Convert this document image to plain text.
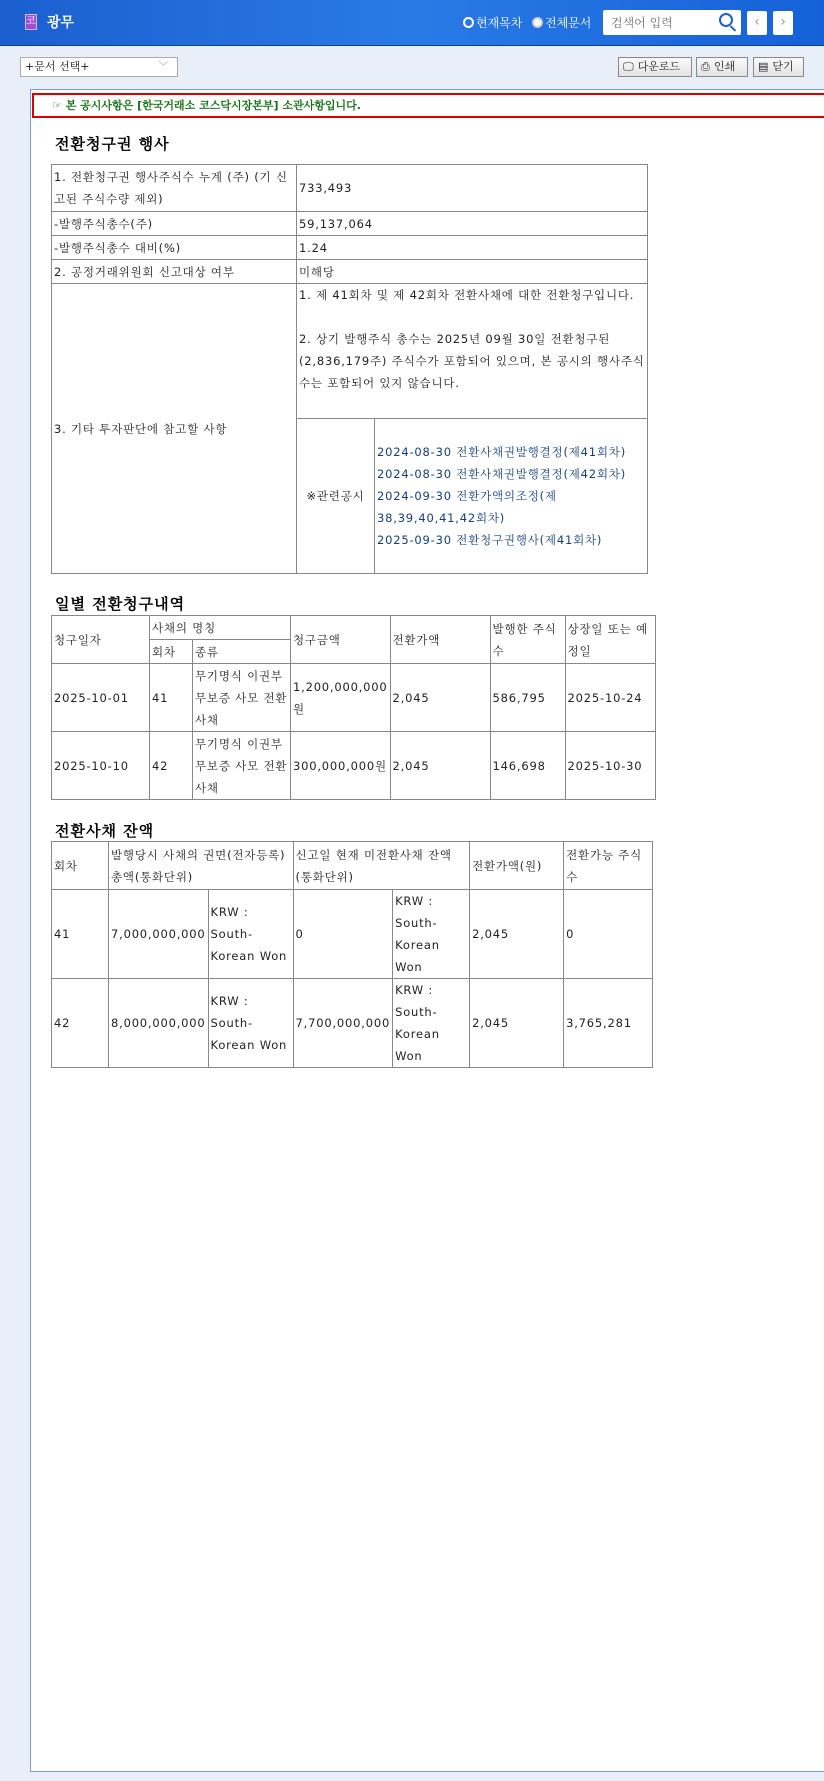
코 광무	현재목차 전체문서
검색어 입력	‹	›
+문서 선택+	﹀	🖵 다운로드 ⎙ 인쇄 ▤ 닫기
☞ 본 공시사항은 [한국거래소 코스닥시장본부] 소관사항입니다.
전환청구권 행사
1. 전환청구권 행사주식수 누계 (주) (기 신고된 주식수량 제외)	733,493	
-발행주식총수(주)	59,137,064	
-발행주식총수 대비(%)	1.24	
2. 공정거래위원회 신고대상 여부	미해당	
3. 기타 투자판단에 참고할 사항	1. 제 41회차 및 제 42회차 전환사채에 대한 전환청구입니다.
2. 상기 발행주식 총수는 2025년 09월 30일 전환청구된(2,836,179주) 주식수가 포함되어 있으며, 본 공시의 행사주식수는 포함되어 있지 않습니다.	

	※관련공시	2024-08-30 전환사채권발행결정(제41회차)
2024-08-30 전환사채권발행결정(제42회차)
2024-09-30 전환가액의조정(제38,39,40,41,42회차)
2025-09-30 전환청구권행사(제41회차)
일별 전환청구내역
청구일자	사채의 명칭		청구금액	전환가액	발행한 주식수	상장일 또는 예정일
	회차	종류				
2025-10-01	41	무기명식 이권부 무보증 사모 전환사채	1,200,000,000원	2,045	586,795	2025-10-24
2025-10-10	42	무기명식 이권부 무보증 사모 전환사채	300,000,000원	2,045	146,698	2025-10-30
전환사채 잔액
회차	발행당시 사채의 권면(전자등록)총액(통화단위)		신고일 현재 미전환사채 잔액 (통화단위)		전환가액(원)	전환가능 주식수
41	7,000,000,000	KRW : South-Korean Won	0	KRW : South-Korean Won	2,045	0
42	8,000,000,000	KRW : South-Korean Won	7,700,000,000	KRW : South-Korean Won	2,045	3,765,281
